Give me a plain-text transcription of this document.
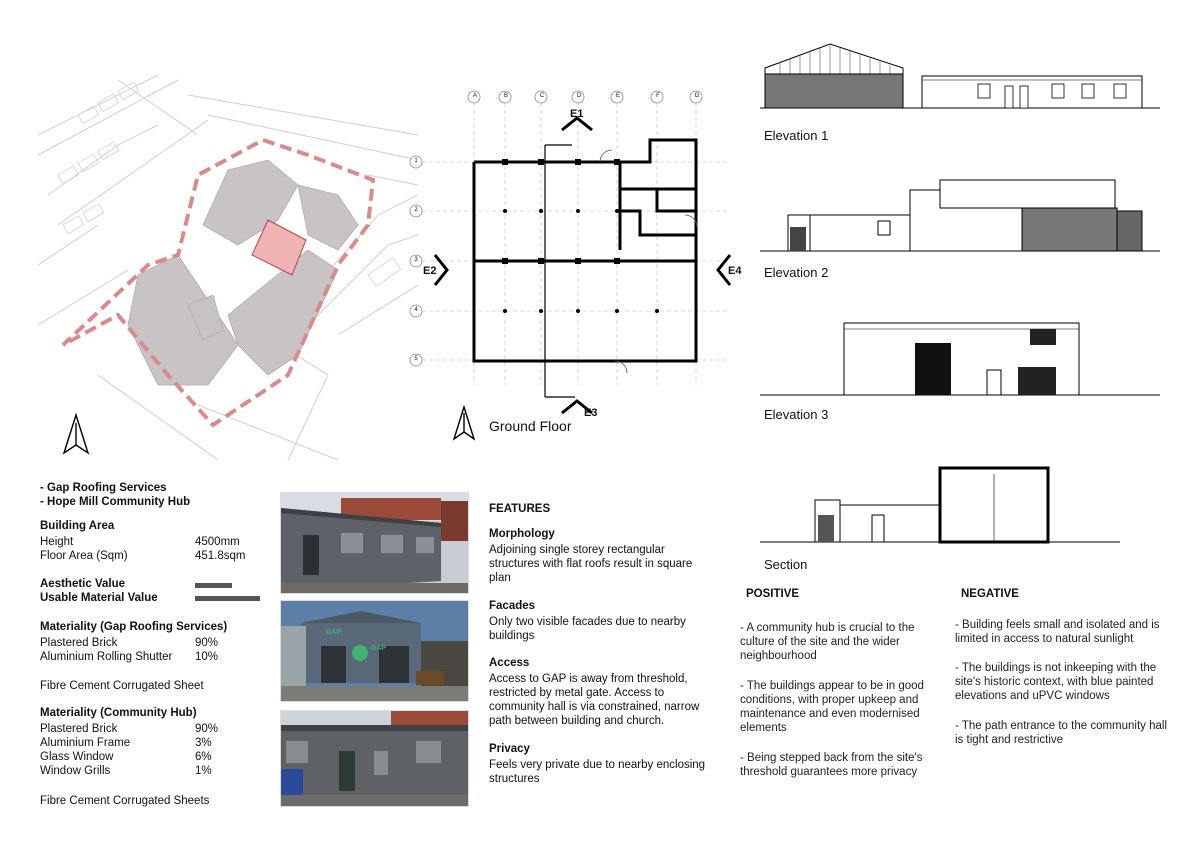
A	B	C	D	E	F	G
1
2
3
4
5
E1
E2
E3
E4
Ground Floor
Elevation 1
Elevation 2
Elevation 3
Section
- Gap Roofing Services
- Hope Mill Community Hub
Building Area
Height	4500mm
Floor Area (Sqm)	451.8sqm
Aesthetic Value
Usable Material Value
Materiality (Gap Roofing Services)
Plastered Brick	90%
Aluminium Rolling Shutter 10%
Fibre Cement Corrugated Sheet
Materiality (Community Hub)
Plastered Brick	90%
Aluminium Frame	3%
Glass Window	6%
Window Grills	1%
Fibre Cement Corrugated Sheets
GAP
GAP
FEATURES
Morphology
Adjoining single storey rectangular structures with flat roofs result in square plan
Facades
Only two visible facades due to nearby buildings
Access
Access to GAP is away from threshold, restricted by metal gate. Access to community hall is via constrained, narrow path between building and church.
Privacy
Feels very private due to nearby enclosing structures
POSITIVE
- A community hub is crucial to the culture of the site and the wider neighbourhood
- The buildings appear to be in good conditions, with proper upkeep and maintenance and even modernised elements
- Being stepped back from the site's threshold guarantees more privacy
NEGATIVE
- Building feels small and isolated and is limited in access to natural sunlight
- The buildings is not inkeeping with the site's historic context, with blue painted elevations and uPVC windows
- The path entrance to the community hall is tight and restrictive
